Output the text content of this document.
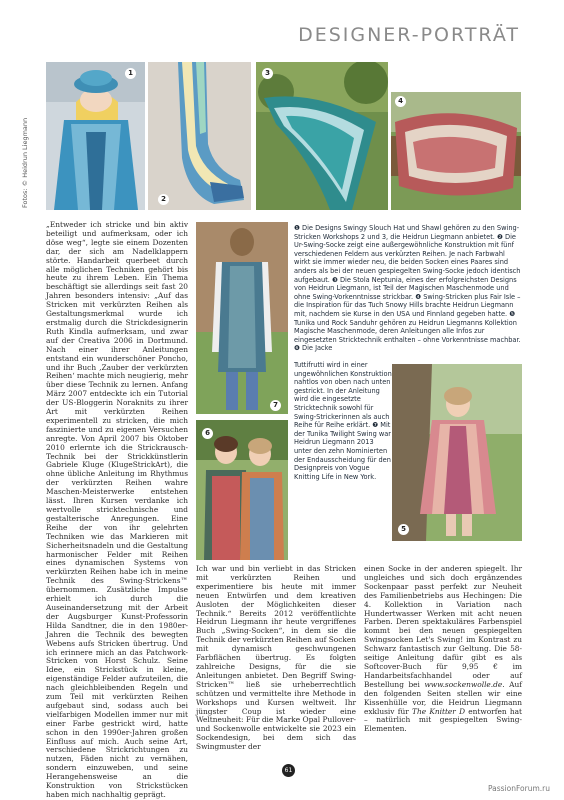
DESIGNER-PORTRÄT
Fotos: © Heidrun Liegmann
1
2
3
4

„Entweder ich stricke und bin aktiv beteiligt und aufmerksam, oder ich döse weg“, legte sie einem Dozenten dar, der sich am Nadelklappern störte. Handarbeit querbeet durch alle möglichen Techniken gehört bis heute zu ihrem Leben. Ein Thema beschäftigt sie allerdings seit fast 20 Jahren besonders intensiv: „Auf das Stricken mit verkürzten Reihen als Gestaltungsmerkmal wurde ich erstmalig durch die Strickdesignerin Ruth Kindla aufmerksam, und zwar auf der Creativa 2006 in Dortmund. Nach einer ihrer Anleitungen entstand ein wunderschöner Poncho, und ihr Buch ‚Zauber der verkürzten Reihen‘ machte mich neugierig, mehr über diese Technik zu lernen. Anfang März 2007 entdeckte ich ein Tutorial der US-Bloggerin Noraknits zu ihrer Art mit verkürzten Reihen experimentell zu stricken, die mich faszinierte und zu eigenen Versuchen anregte. Von April 2007 bis Oktober 2010 erlernte ich die Strickrausch-Technik bei der Strickkünstlerin Gabriele Kluge (KlugeStrickArt), die ohne übliche Anleitung im Rhythmus der verkürzten Reihen wahre Maschen-Meisterwerke entstehen lässt. Ihren Kursen verdanke ich wertvolle stricktechnische und gestalterische Anregungen. Eine Reihe der von ihr gelehrten Techniken wie das Markieren mit Sicherheitsnadeln und die Gestaltung harmonischer Felder mit Reihen eines dynamischen Systems von verkürzten Reihen habe ich in meine Technik des Swing-Strickens™ übernommen. Zusätzliche Impulse erhielt ich durch die Auseinandersetzung mit der Arbeit der Augsburger Kunst-Professorin Hilda Sandtner, die in den 1980er-Jahren die Technik des bewegten Webens aufs Stricken übertrug. Und ich erinnere mich an das Patchwork-Stricken von Horst Schulz. Seine Idee, ein Strickstück in kleine, eigenständige Felder aufzuteilen, die nach gleichbleibenden Regeln und zum Teil mit verkürzten Reihen aufgebaut sind, sodass auch bei vielfarbigen Modellen immer nur mit einer Farbe gestrickt wird, hatte schon in den 1990er-Jahren großen Einfluss auf mich. Auch seine Art, verschiedene Strickrichtungen zu nutzen, Fäden nicht zu vernähen, sondern einzuweben, und seine Herangehensweise an die Konstruktion von Strickstücken haben mich nachhaltig geprägt.

7
6

❶ Die Designs Swingy Slouch Hat und Shawl gehören zu den Swing-Stricken Workshops 2 und 3, die Heidrun Liegmann anbietet. ❷ Die Ur-Swing-Socke zeigt eine außergewöhnliche Konstruktion mit fünf verschiedenen Feldern aus verkürzten Reihen. Je nach Farbwahl wirkt sie immer wieder neu, die beiden Socken eines Paares sind anders als bei der neuen gespiegelten Swing-Socke jedoch identisch aufgebaut. ❸ Die Stola Neptunia, eines der erfolgreichsten Designs von Heidrun Liegmann, ist Teil der Magischen Maschenmode und ohne Swing-Vorkenntnisse strickbar. ❹ Swing-Stricken plus Fair Isle – die Inspiration für das Tuch Snowy Hills brachte Heidrun Liegmann mit, nachdem sie Kurse in den USA und Finnland gegeben hatte. ❺ Tunika und Rock Sanduhr gehören zu Heidrun Liegmanns Kollektion Magische Maschenmode, deren Anleitungen alle Infos zur eingesetzten Stricktechnik enthalten – ohne Vorkenntnisse machbar. ❻ Die Jacke

Tuttifrutti wird in einer ungewöhnlichen Konstruktion nahtlos von oben nach unten gestrickt. In der Anleitung wird die eingesetzte Stricktechnik sowohl für Swing-Strickerinnen als auch Reihe für Reihe erklärt. ❼ Mit der Tunika Twilight Swing war Heidrun Liegmann 2013 unter den zehn Nominierten der Endausscheidung für den Designpreis von Vogue Knitting Life in New York.

5

Ich war und bin verliebt in das Stricken mit verkürzten Reihen und experimentiere bis heute mit immer neuen Entwürfen und dem kreativen Ausloten der Möglichkeiten dieser Technik.“ Bereits 2012 veröffentlichte Heidrun Liegmann ihr heute vergriffenes Buch „Swing-Socken“, in dem sie die Technik der verkürzten Reihen auf Socken mit dynamisch geschwungenen Farbflächen übertrug. Es folgten zahlreiche Designs, für die sie Anleitungen anbietet. Den Begriff Swing-Stricken™ ließ sie urheberrechtlich schützen und vermittelte ihre Methode in Workshops und Kursen weltweit. Ihr jüngster Coup ist wieder eine Weltneuheit: Für die Marke Opal Pullover- und Sockenwolle entwickelte sie 2023 ein Sockendesign, bei dem sich das Swingmuster der

einen Socke in der anderen spiegelt. Ihr ungleiches und sich doch ergänzendes Sockenpaar passt perfekt zur Neuheit des Familienbetriebs aus Hechingen: Die 4. Kollektion in Variation nach Hundertwasser Werken mit acht neuen Farben. Deren spektakuläres Farbenspiel kommt bei den neuen gespiegelten Swingsocken Let's Swing! im Kontrast zu Schwarz fantastisch zur Geltung. Die 58-seitige Anleitung dafür gibt es als Softcover-Buch für 9,95 € im Handarbeitsfachhandel oder auf Bestellung bei www.sockenwolle.de. Auf den folgenden Seiten stellen wir eine Kissenhülle vor, die Heidrun Liegmann exklusiv für The Knitter D entworfen hat – natürlich mit gespiegelten Swing-Elementen.

61
PassionForum.ru
